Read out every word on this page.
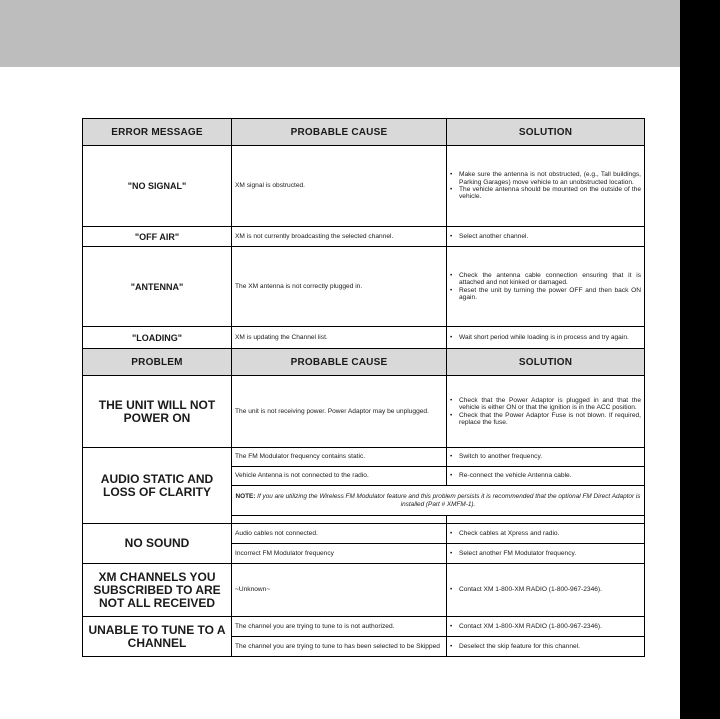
ERROR MESSAGE	PROBABLE CAUSE	SOLUTION
"NO SIGNAL"	XM signal is obstructed.	• Make sure the antenna is not obstructed, (e.g., Tall buildings, Parking Garages) move vehicle to an unobstructed location.
• The vehicle antenna should be mounted on the outside of the vehicle.

"OFF AIR"	XM is not currently broadcasting the selected channel.	• Select another channel.

"ANTENNA"	The XM antenna is not correctly plugged in.	• Check the antenna cable connection ensuring that it is attached and not kinked or damaged.
• Reset the unit by turning the power OFF and then back ON again.

"LOADING"	XM is updating the Channel list.	• Wait short period while loading is in process and try again.

PROBLEM	PROBABLE CAUSE	SOLUTION
THE UNIT WILL NOT POWER ON	The unit is not receiving power. Power Adaptor may be unplugged.	• Check that the Power Adaptor is plugged in and that the vehicle is either ON or that the ignition is in the ACC position.
• Check that the Power Adaptor Fuse is not blown. If required, replace the fuse.

AUDIO STATIC AND LOSS OF CLARITY	The FM Modulator frequency contains static.	• Switch to another frequency.

	Vehicle Antenna is not connected to the radio.	• Re-connect the vehicle Antenna cable.

	NOTE: If you are utilizing the Wireless FM Modulator feature and this problem persists it is recommended that the optional FM Direct Adaptor is installed (Part # XMFM-1).	

NO SOUND	Audio cables not connected.	• Check cables at Xpress and radio.

	Incorrect FM Modulator frequency	• Select another FM Modulator frequency.

XM CHANNELS YOU SUBSCRIBED TO ARE NOT ALL RECEIVED	~Unknown~	• Contact XM 1-800-XM RADIO (1-800-967-2346).

UNABLE TO TUNE TO A CHANNEL	The channel you are trying to tune to is not authorized.	• Contact XM 1-800-XM RADIO (1-800-967-2346).

	The channel you are trying to tune to has been selected to be Skipped	• Deselect the skip feature for this channel.
